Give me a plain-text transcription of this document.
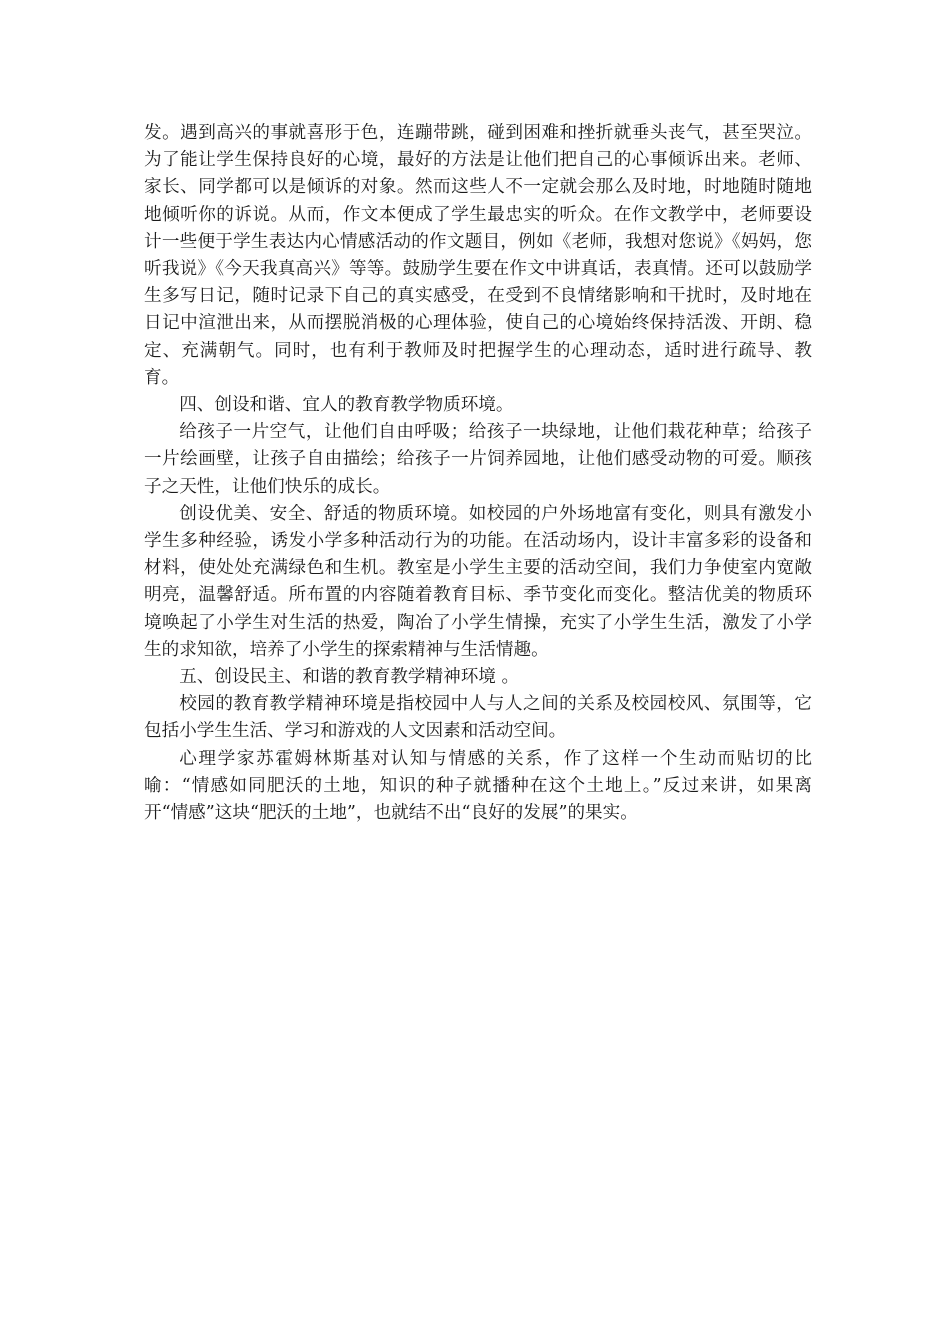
发。遇到高兴的事就喜形于色，连蹦带跳，碰到困难和挫折就垂头丧气，甚至哭泣。为了能让学生保持良好的心境，最好的方法是让他们把自己的心事倾诉出来。老师、家长、同学都可以是倾诉的对象。然而这些人不一定就会那么及时地，时地随时随地地倾听你的诉说。从而，作文本便成了学生最忠实的听众。在作文教学中，老师要设计一些便于学生表达内心情感活动的作文题目，例如《老师，我想对您说》《妈妈，您听我说》《今天我真高兴》等等。鼓励学生要在作文中讲真话，表真情。还可以鼓励学生多写日记，随时记录下自己的真实感受，在受到不良情绪影响和干扰时，及时地在日记中渲泄出来，从而摆脱消极的心理体验，使自己的心境始终保持活泼、开朗、稳定、充满朝气。同时，也有利于教师及时把握学生的心理动态，适时进行疏导、教育。

四、创设和谐、宜人的教育教学物质环境。

给孩子一片空气，让他们自由呼吸；给孩子一块绿地，让他们栽花种草；给孩子一片绘画壁，让孩子自由描绘；给孩子一片饲养园地，让他们感受动物的可爱。顺孩子之天性，让他们快乐的成长。

创设优美、安全、舒适的物质环境。如校园的户外场地富有变化，则具有激发小学生多种经验，诱发小学多种活动行为的功能。在活动场内，设计丰富多彩的设备和材料，使处处充满绿色和生机。教室是小学生主要的活动空间，我们力争使室内宽敞明亮，温馨舒适。所布置的内容随着教育目标、季节变化而变化。整洁优美的物质环境唤起了小学生对生活的热爱，陶冶了小学生情操，充实了小学生生活，激发了小学生的求知欲，培养了小学生的探索精神与生活情趣。

五、创设民主、和谐的教育教学精神环境 。

校园的教育教学精神环境是指校园中人与人之间的关系及校园校风、氛围等，它包括小学生生活、学习和游戏的人文因素和活动空间。

心理学家苏霍姆林斯基对认知与情感的关系，作了这样一个生动而贴切的比喻：“情感如同肥沃的土地，知识的种子就播种在这个土地上。”反过来讲，如果离开“情感”这块“肥沃的土地”，也就结不出“良好的发展”的果实。
